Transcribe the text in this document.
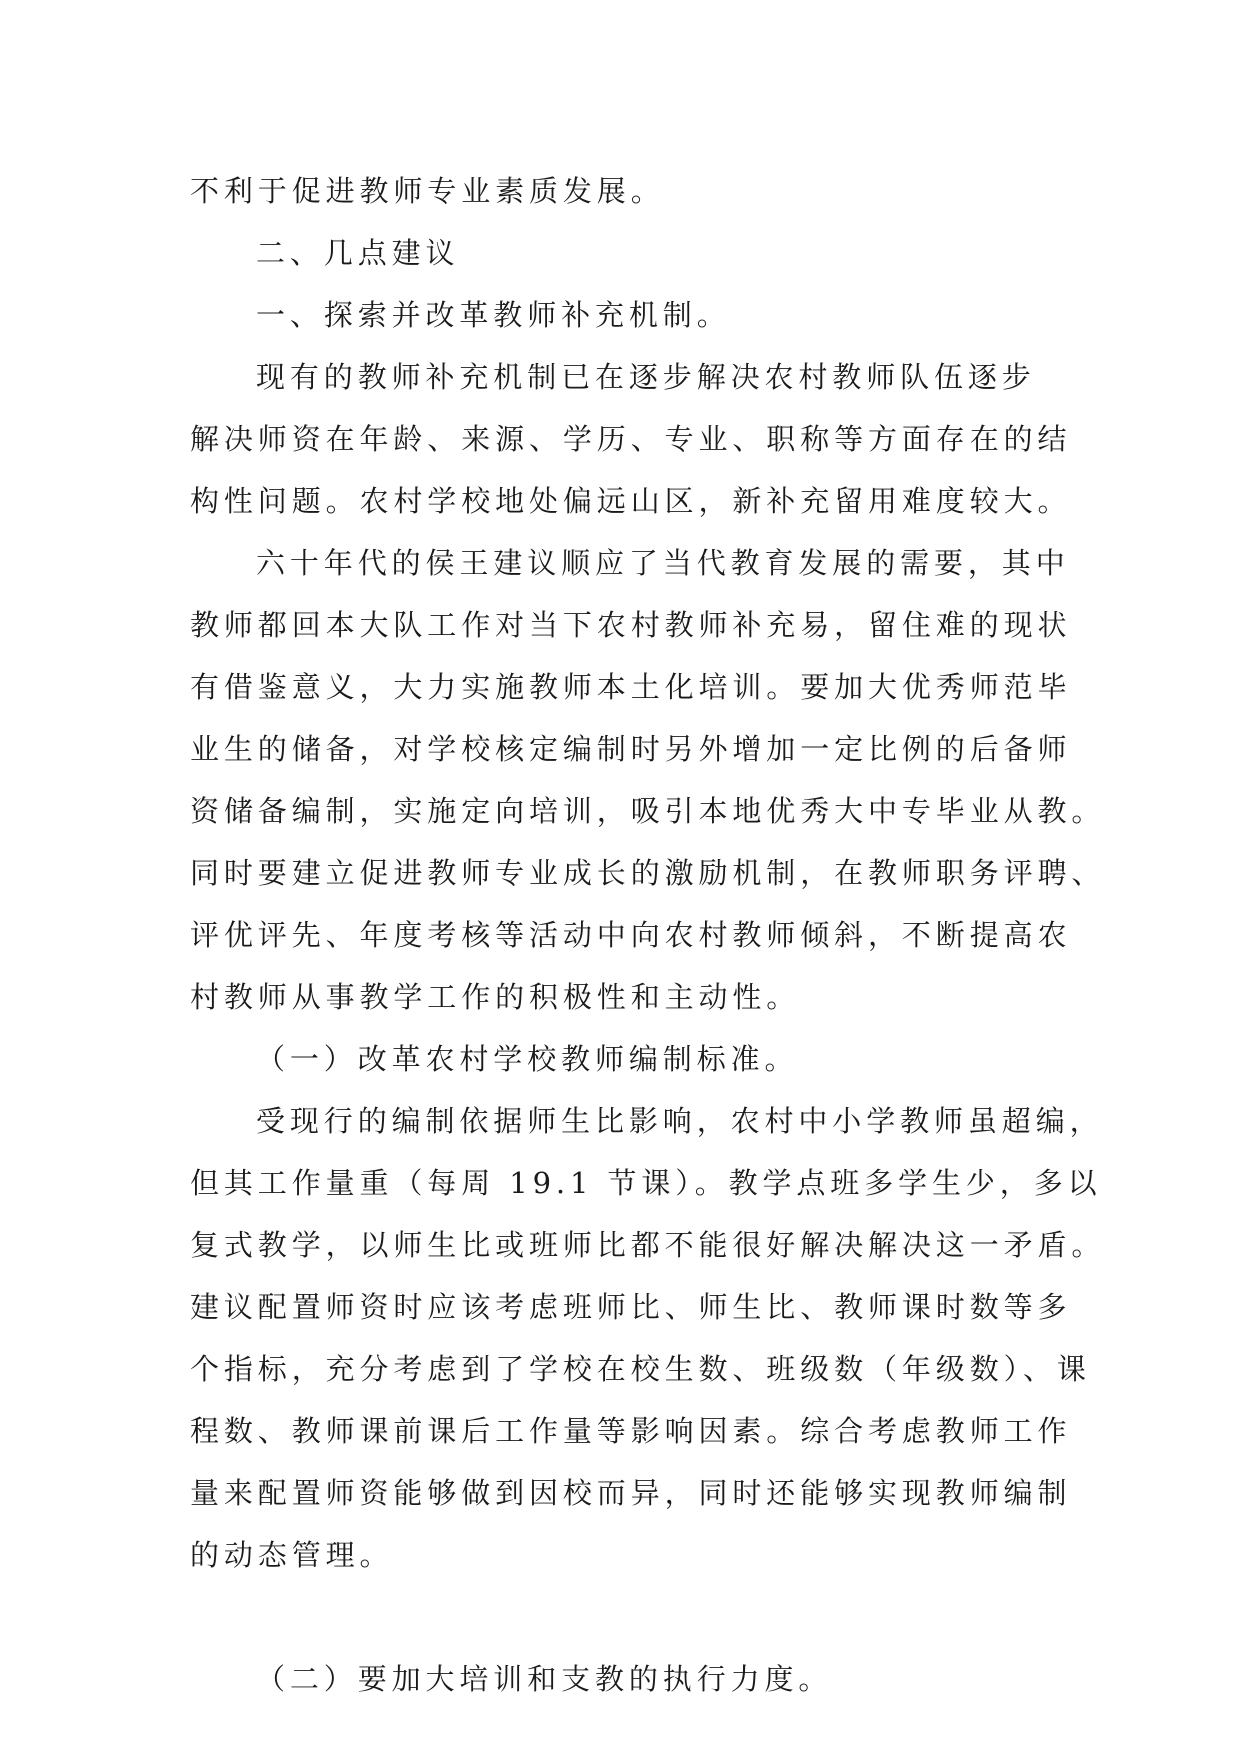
不利于促进教师专业素质发展。
二、几点建议
一、探索并改革教师补充机制。
现有的教师补充机制已在逐步解决农村教师队伍逐步
解决师资在年龄、来源、学历、专业、职称等方面存在的结
构性问题。农村学校地处偏远山区，新补充留用难度较大。
六十年代的侯王建议顺应了当代教育发展的需要，其中
教师都回本大队工作对当下农村教师补充易，留住难的现状
有借鉴意义，大力实施教师本土化培训。要加大优秀师范毕
业生的储备，对学校核定编制时另外增加一定比例的后备师
资储备编制，实施定向培训，吸引本地优秀大中专毕业从教。
同时要建立促进教师专业成长的激励机制，在教师职务评聘、
评优评先、年度考核等活动中向农村教师倾斜，不断提高农
村教师从事教学工作的积极性和主动性。
（一）改革农村学校教师编制标准。
受现行的编制依据师生比影响，农村中小学教师虽超编，
但其工作量重（每周 19.1 节课）。教学点班多学生少，多以
复式教学，以师生比或班师比都不能很好解决解决这一矛盾。
建议配置师资时应该考虑班师比、师生比、教师课时数等多
个指标，充分考虑到了学校在校生数、班级数（年级数）、课
程数、教师课前课后工作量等影响因素。综合考虑教师工作
量来配置师资能够做到因校而异，同时还能够实现教师编制
的动态管理。
（二）要加大培训和支教的执行力度。
